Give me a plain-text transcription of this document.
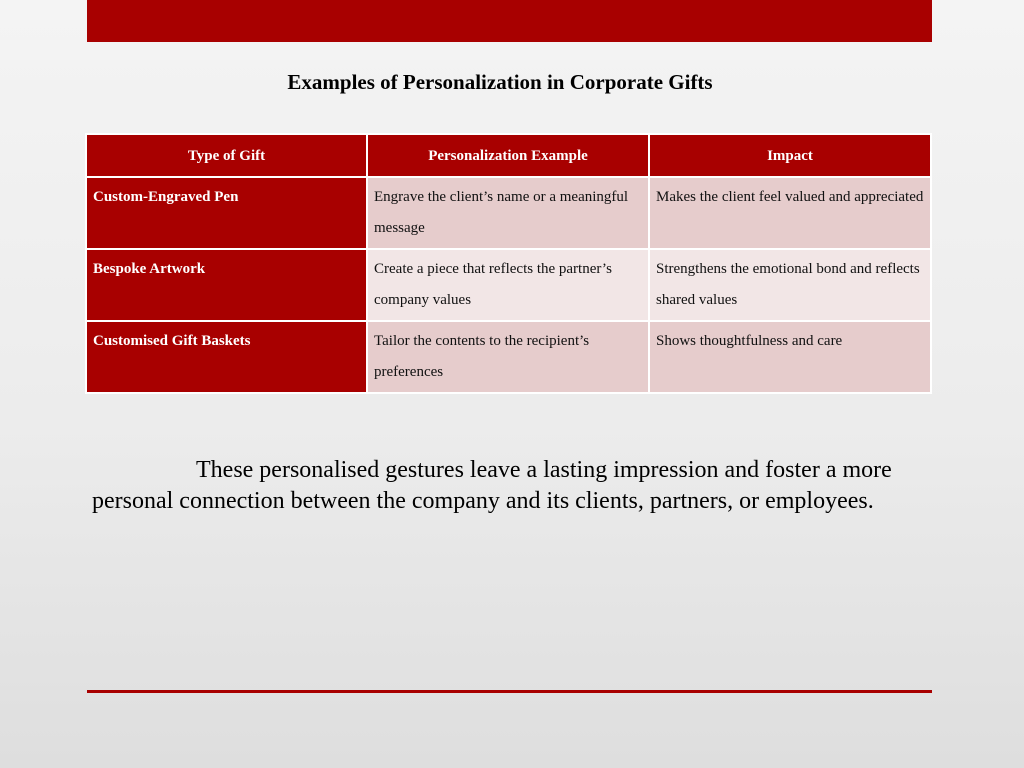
Examples of Personalization in Corporate Gifts
Type of Gift	Personalization Example	Impact
Custom-Engraved Pen	Engrave the client’s name or a meaningful message	Makes the client feel valued and appreciated
Bespoke Artwork	Create a piece that reflects the partner’s company values	Strengthens the emotional bond and reflects shared values
Customised Gift Baskets	Tailor the contents to the recipient’s preferences	Shows thoughtfulness and care
These personalised gestures leave a lasting impression and foster a more personal connection between the company and its clients, partners, or employees.
